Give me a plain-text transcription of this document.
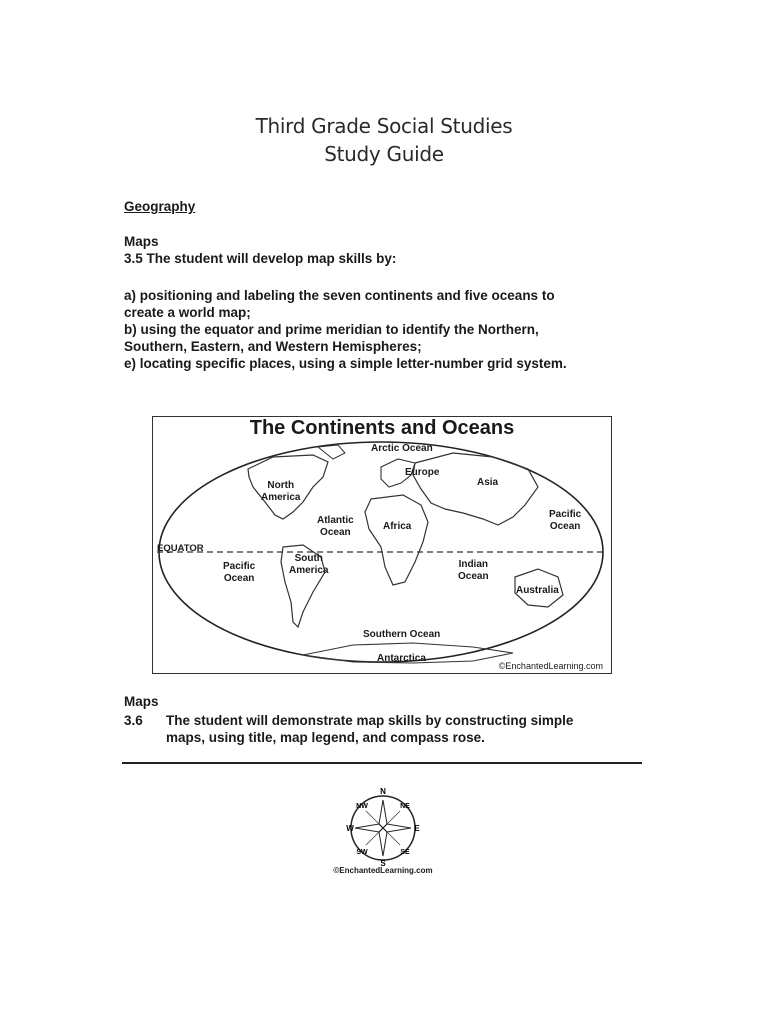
Third Grade Social Studies
Study Guide
Geography
Maps
3.5 The student will develop map skills by:
a) positioning and labeling the seven continents and five oceans to
create a world map;
b) using the equator and prime meridian to identify the Northern,
Southern, Eastern, and Western Hemispheres;
e) locating specific places, using a simple letter-number grid system.
The Continents and Oceans
Arctic Ocean
Europe
Asia
North
America
Atlantic
Ocean
Africa
Pacific
Ocean
EQUATOR
South
America
Pacific
Ocean
Indian
Ocean
Australia
Southern Ocean
Antarctica
©EnchantedLearning.com
Maps
3.6 The student will demonstrate map skills by constructing simple
maps, using title, map legend, and compass rose.
N
S
W	E
NW	NE
SW	SE
©EnchantedLearning.com
